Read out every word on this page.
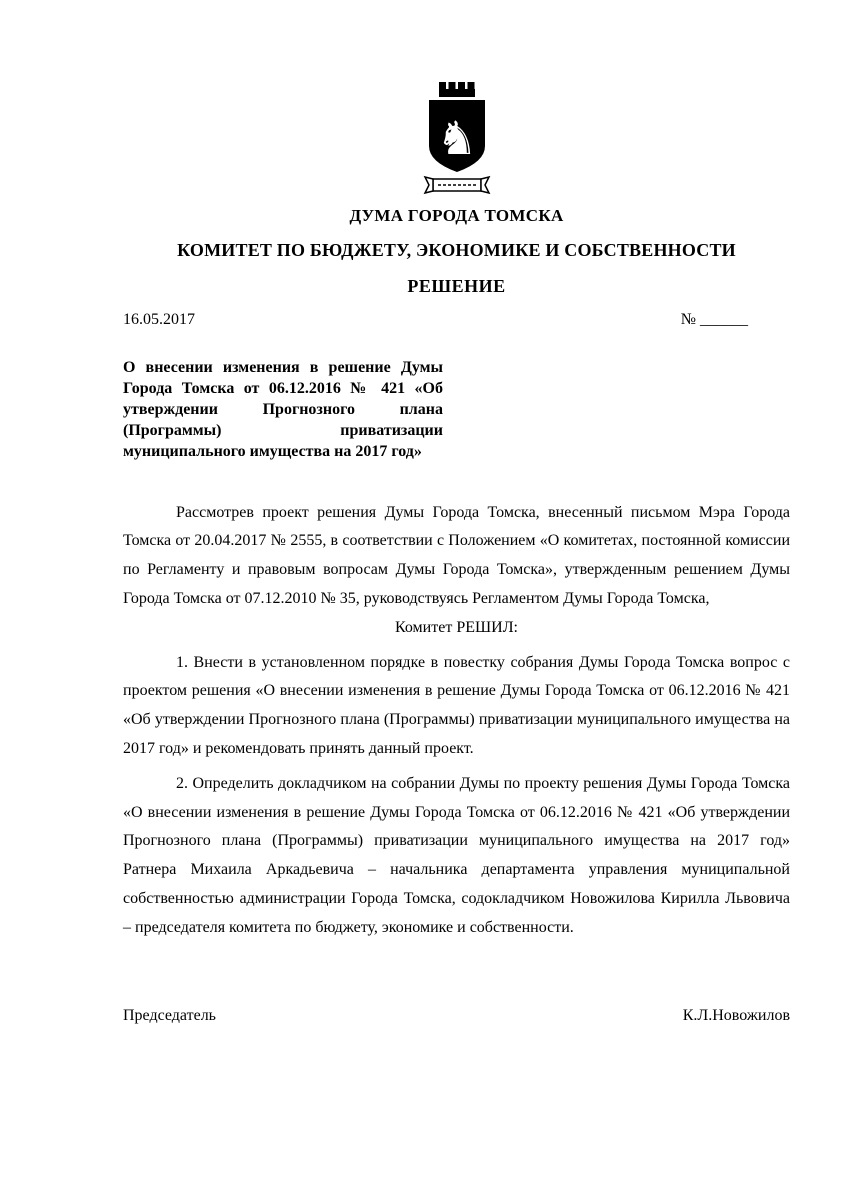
♞
ДУМА ГОРОДА ТОМСКА
КОМИТЕТ ПО БЮДЖЕТУ, ЭКОНОМИКЕ И СОБСТВЕННОСТИ
РЕШЕНИЕ
16.05.2017	№ ______
О внесении изменения в решение Думы Города Томска от 06.12.2016 № 421 «Об утверждении Прогнозного плана (Программы) приватизации муниципального имущества на 2017 год»

Рассмотрев проект решения Думы Города Томска, внесенный письмом Мэра Города Томска от 20.04.2017 № 2555, в соответствии с Положением «О комитетах, постоянной комиссии по Регламенту и правовым вопросам Думы Города Томска», утвержденным решением Думы Города Томска от 07.12.2010 № 35, руководствуясь Регламентом Думы Города Томска,

Комитет РЕШИЛ:

1. Внести в установленном порядке в повестку собрания Думы Города Томска вопрос с проектом решения «О внесении изменения в решение Думы Города Томска от 06.12.2016 № 421 «Об утверждении Прогнозного плана (Программы) приватизации муниципального имущества на 2017 год» и рекомендовать принять данный проект.

2. Определить докладчиком на собрании Думы по проекту решения Думы Города Томска «О внесении изменения в решение Думы Города Томска от 06.12.2016 № 421 «Об утверждении Прогнозного плана (Программы) приватизации муниципального имущества на 2017 год» Ратнера Михаила Аркадьевича – начальника департамента управления муниципальной собственностью администрации Города Томска, содокладчиком Новожилова Кирилла Львовича – председателя комитета по бюджету, экономике и собственности.

Председатель	К.Л.Новожилов
